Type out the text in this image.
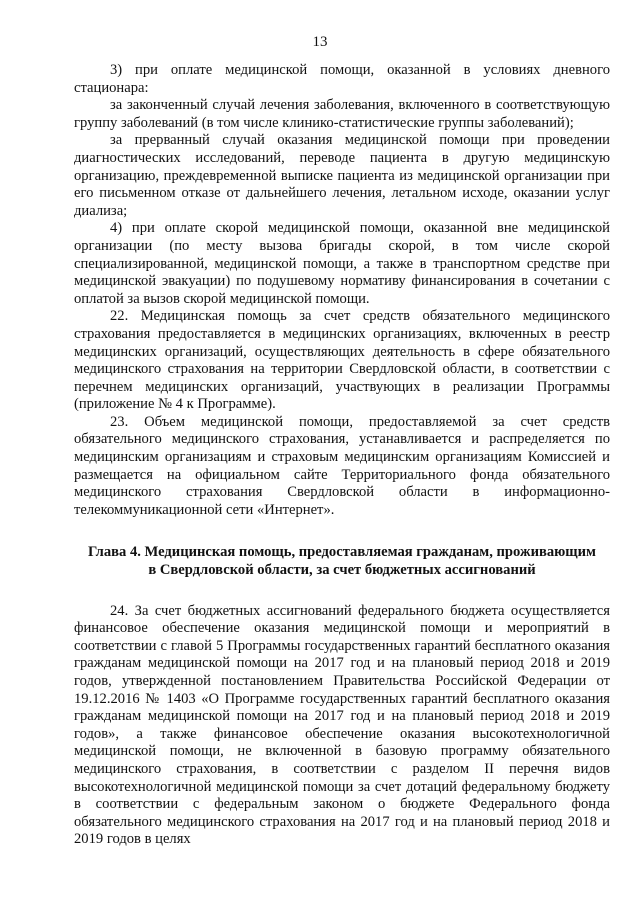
13

3) при оплате медицинской помощи, оказанной в условиях дневного стационара:

за законченный случай лечения заболевания, включенного в соответствующую группу заболеваний (в том числе клинико-статистические группы заболеваний);

за прерванный случай оказания медицинской помощи при проведении диагностических исследований, переводе пациента в другую медицинскую организацию, преждевременной выписке пациента из медицинской организации при его письменном отказе от дальнейшего лечения, летальном исходе, оказании услуг диализа;

4) при оплате скорой медицинской помощи, оказанной вне медицинской организации (по месту вызова бригады скорой, в том числе скорой специализированной, медицинской помощи, а также в транспортном средстве при медицинской эвакуации) по подушевому нормативу финансирования в сочетании с оплатой за вызов скорой медицинской помощи.

22. Медицинская помощь за счет средств обязательного медицинского страхования предоставляется в медицинских организациях, включенных в реестр медицинских организаций, осуществляющих деятельность в сфере обязательного медицинского страхования на территории Свердловской области, в соответствии с перечнем медицинских организаций, участвующих в реализации Программы (приложение № 4 к Программе).

23. Объем медицинской помощи, предоставляемой за счет средств обязательного медицинского страхования, устанавливается и распределяется по медицинским организациям и страховым медицинским организациям Комиссией и размещается на официальном сайте Территориального фонда обязательного медицинского страхования Свердловской области в информационно-телекоммуникационной сети «Интернет».

Глава 4. Медицинская помощь, предоставляемая гражданам, проживающим
в Свердловской области, за счет бюджетных ассигнований

24. За счет бюджетных ассигнований федерального бюджета осуществляется финансовое обеспечение оказания медицинской помощи и мероприятий в соответствии с главой 5 Программы государственных гарантий бесплатного оказания гражданам медицинской помощи на 2017 год и на плановый период 2018 и 2019 годов, утвержденной постановлением Правительства Российской Федерации от 19.12.2016 № 1403 «О Программе государственных гарантий бесплатного оказания гражданам медицинской помощи на 2017 год и на плановый период 2018 и 2019 годов», а также финансовое обеспечение оказания высокотехнологичной медицинской помощи, не включенной в базовую программу обязательного медицинского страхования, в соответствии с разделом II перечня видов высокотехнологичной медицинской помощи за счет дотаций федеральному бюджету в соответствии с федеральным законом о бюджете Федерального фонда обязательного медицинского страхования на 2017 год и на плановый период 2018 и 2019 годов в целях
